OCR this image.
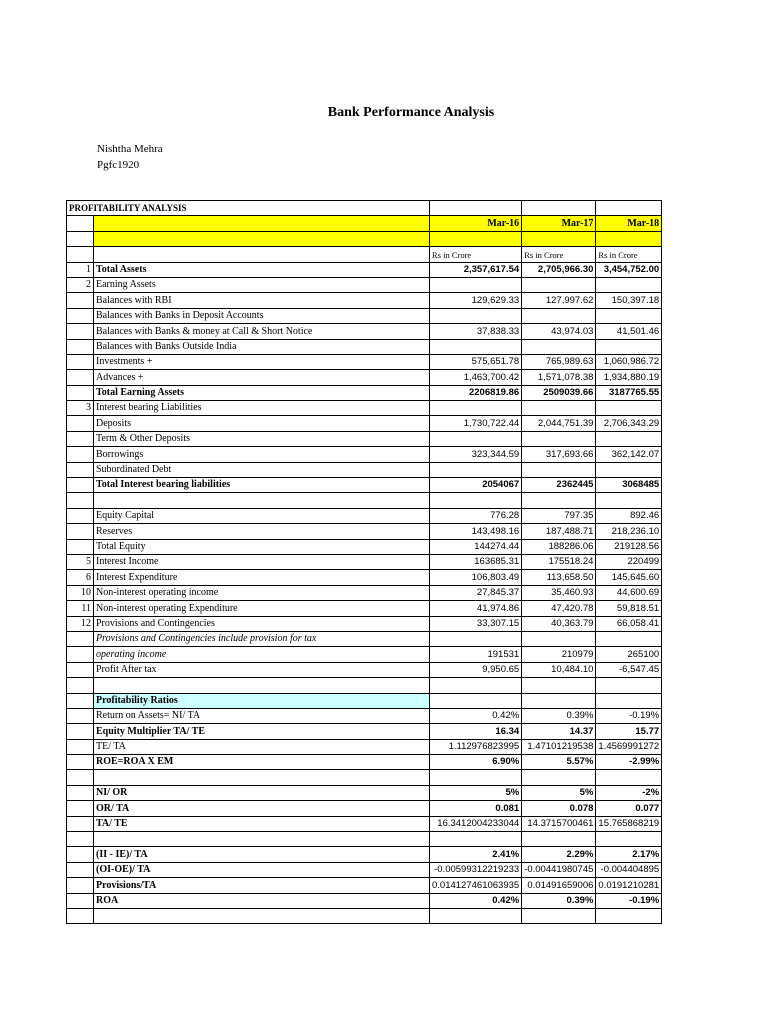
Bank Performance Analysis
Nishtha Mehra
Pgfc1920
PROFITABILITY ANALYSIS				
		Mar-16	Mar-17	Mar-18

		Rs in Crore	Rs in Crore	Rs in Crore
1	Total Assets	2,357,617.54	2,705,966.30	3,454,752.00
2	Earning Assets			
	Balances with RBI	129,629.33	127,997.62	150,397.18
	Balances with Banks in Deposit Accounts			
	Balances with Banks & money at Call & Short Notice	37,838.33	43,974.03	41,501.46
	Balances with Banks Outside India			
	Investments +	575,651.78	765,989.63	1,060,986.72
	Advances +	1,463,700.42	1,571,078.38	1,934,880.19
	Total Earning Assets	2206819.86	2509039.66	3187765.55
3	Interest bearing Liabilities			
	Deposits	1,730,722.44	2,044,751.39	2,706,343.29
	Term & Other Deposits			
	Borrowings	323,344.59	317,693.66	362,142.07
	Subordinated Debt			
	Total Interest bearing liabilities	2054067	2362445	3068485

	Equity Capital	776.28	797.35	892.46
	Reserves	143,498.16	187,488.71	218,236.10
	Total Equity	144274.44	188286.06	219128.56
5	Interest Income	163685.31	175518.24	220499
6	Interest Expenditure	106,803.49	113,658.50	145,645.60
10	Non-interest operating income	27,845.37	35,460.93	44,600.69
11	Non-interest operating Expenditure	41,974.86	47,420.78	59,818.51
12	Provisions and Contingencies	33,307.15	40,363.79	66,058.41
	Provisions and Contingencies include provision for tax			
	operating income	191531	210979	265100
	Profit After tax	9,950.65	10,484.10	-6,547.45

	Profitability Ratios			
	Return on Assets= NI/ TA	0.42%	0.39%	-0.19%
	Equity Multiplier TA/ TE	16.34	14.37	15.77
	TE/ TA	1.112976823995	1.47101219538	1.4569991272
	ROE=ROA X EM	6.90%	5.57%	-2.99%

	NI/ OR	5%	5%	-2%
	OR/ TA	0.081	0.078	0.077
	TA/ TE	16.3412004233044	14.3715700461	15.765868219

	(II - IE)/ TA	2.41%	2.29%	2.17%
	(OI-OE)/ TA	-0.00599312219233	-0.00441980745	-0.004404895
	Provisions/TA	0.014127461063935	0.01491659006	0.0191210281
	ROA	0.42%	0.39%	-0.19%
